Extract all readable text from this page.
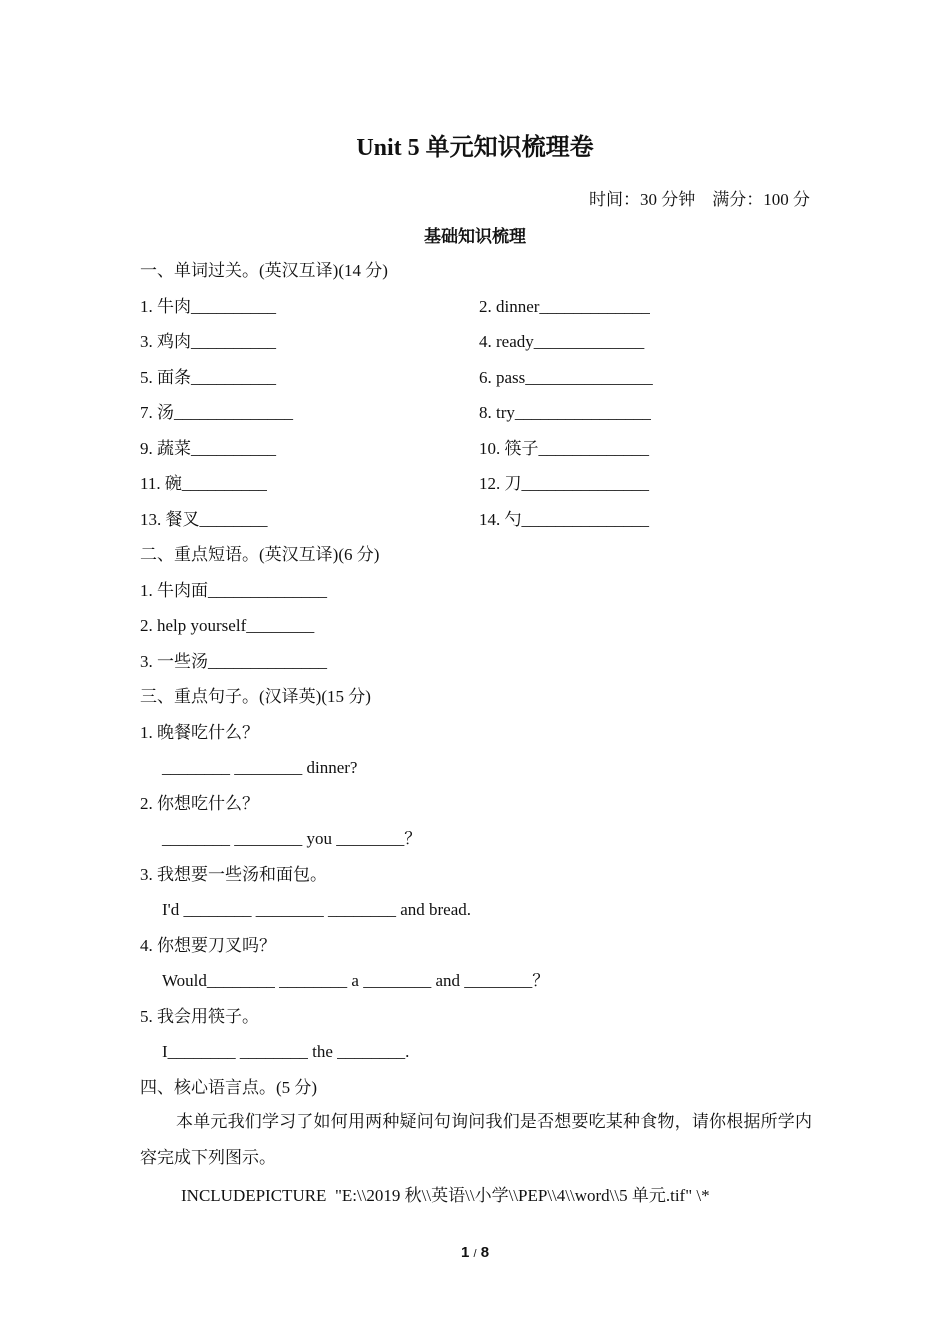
Unit 5 单元知识梳理卷
时间：30 分钟    满分：100 分
基础知识梳理
一、单词过关。(英汉互译)(14 分)
1. 牛肉__________	2. dinner_____________
3. 鸡肉__________	4. ready_____________
5. 面条__________	6. pass_______________
7. 汤______________	8. try________________
9. 蔬菜__________	10. 筷子_____________
11. 碗__________	12. 刀_______________
13. 餐叉________	14. 勺_______________
二、重点短语。(英汉互译)(6 分)
1. 牛肉面______________
2. help yourself________
3. 一些汤______________
三、重点句子。(汉译英)(15 分)
1. 晚餐吃什么？
________ ________ dinner?
2. 你想吃什么？
________ ________ you ________？
3. 我想要一些汤和面包。
I'd ________ ________ ________ and bread.
4. 你想要刀叉吗？
Would________ ________ a ________ and ________？
5. 我会用筷子。
I________ ________ the ________.
四、核心语言点。(5 分)
本单元我们学习了如何用两种疑问句询问我们是否想要吃某种食物，请你根据所学内容完成下列图示。
INCLUDEPICTURE  "E:\\2019 秋\\英语\\小学\\PEP\\4\\word\\5 单元.tif" \*
1 / 8
